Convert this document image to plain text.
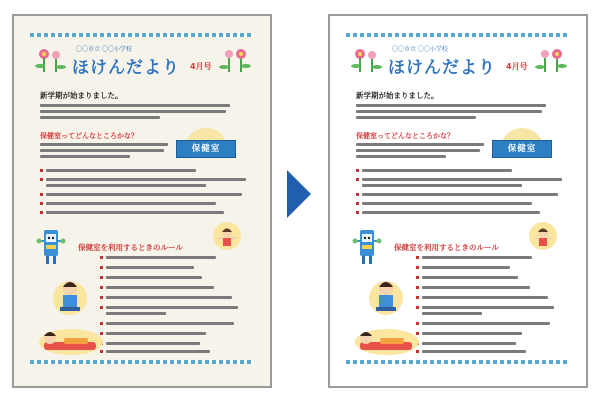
〇〇市立 〇〇小学校
ほけんだより 4月号
新学期が始まりました。
保健室ってどんなところかな？
保健室
保健室を利用するときのルール
〇〇市立 〇〇小学校
ほけんだより 4月号
新学期が始まりました。
保健室ってどんなところかな？
保健室
保健室を利用するときのルール
